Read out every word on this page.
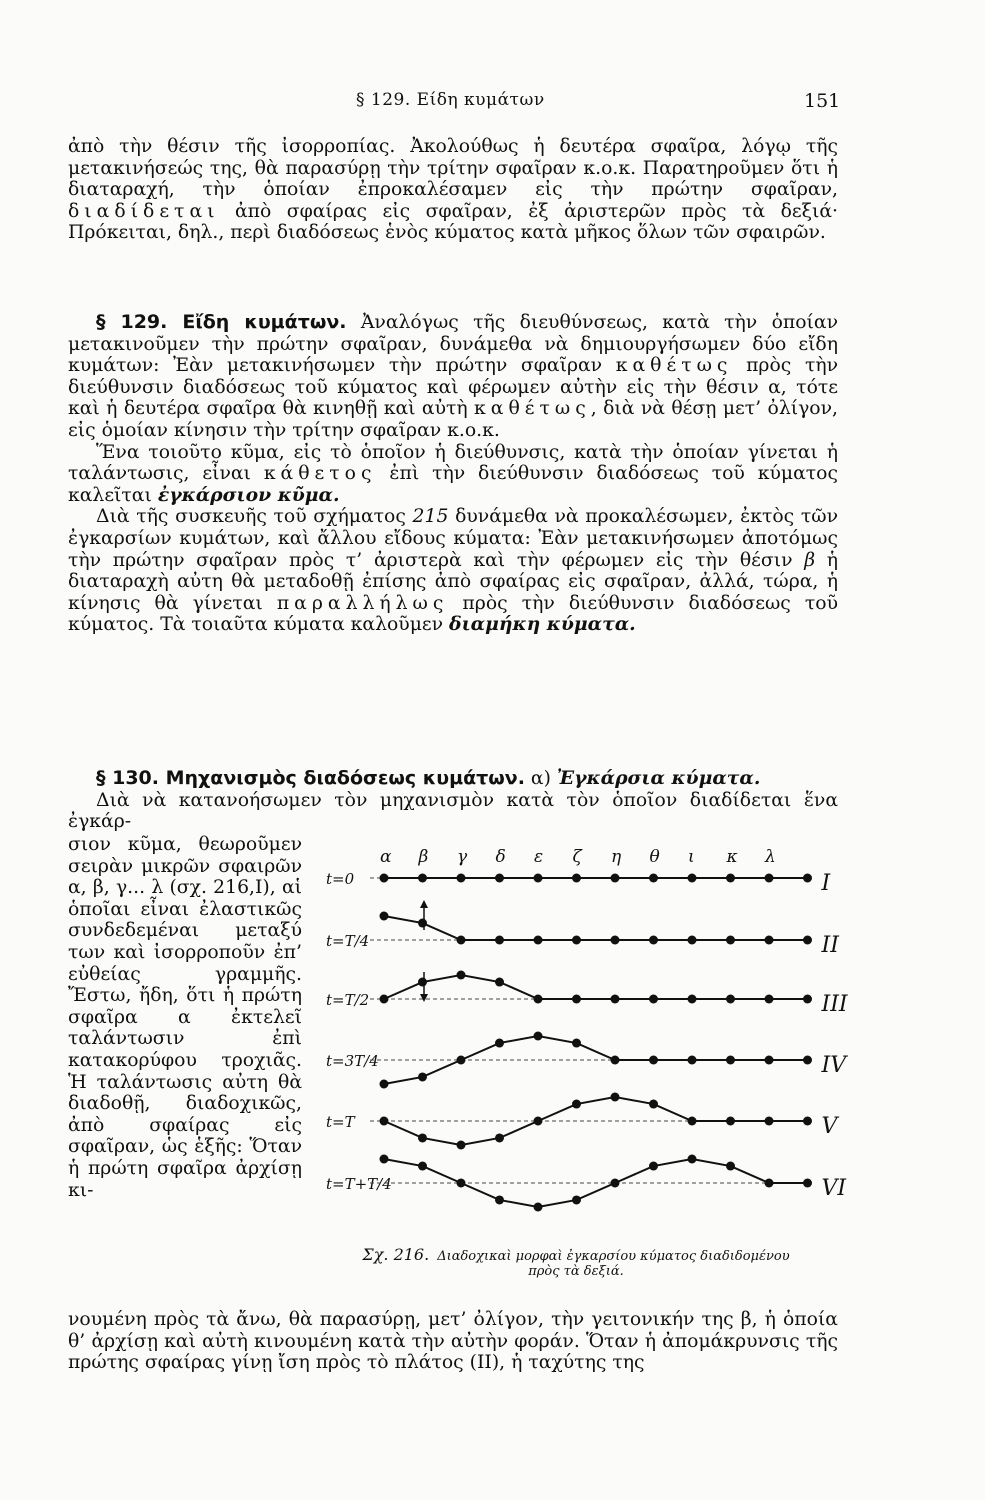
§ 129. Είδη κυμάτων	151

ἀπὸ τὴν θέσιν τῆς ἰσορροπίας. Ἀκολούθως ἡ δευτέρα σφαῖρα, λόγῳ τῆς μετακινήσεώς της, θὰ παρασύρῃ τὴν τρίτην σφαῖραν κ.ο.κ. Παρατηροῦμεν ὅτι ἡ διαταραχή, τὴν ὁποίαν ἐπροκαλέσαμεν εἰς τὴν πρώτην σφαῖραν, διαδίδεται ἀπὸ σφαίρας εἰς σφαῖραν, ἐξ ἀριστερῶν πρὸς τὰ δεξιά· Πρόκειται, δηλ., περὶ διαδόσεως ἑνὸς κύματος κατὰ μῆκος ὅλων τῶν σφαιρῶν.

§ 129. Εἴδη κυμάτων. Ἀναλόγως τῆς διευθύνσεως, κατὰ τὴν ὁποίαν μετακινοῦμεν τὴν πρώτην σφαῖραν, δυνάμεθα νὰ δημιουργήσωμεν δύο εἴδη κυμάτων: Ἐὰν μετακινήσωμεν τὴν πρώτην σφαῖραν καθέτως πρὸς τὴν διεύθυνσιν διαδόσεως τοῦ κύματος καὶ φέρωμεν αὐτὴν εἰς τὴν θέσιν α, τότε καὶ ἡ δευτέρα σφαῖρα θὰ κινηθῇ καὶ αὐτὴ καθέτως, διὰ νὰ θέσῃ μετ’ ὀλίγον, εἰς ὁμοίαν κίνησιν τὴν τρίτην σφαῖραν κ.ο.κ.

Ἕνα τοιοῦτο κῦμα, εἰς τὸ ὁποῖον ἡ διεύθυνσις, κατὰ τὴν ὁποίαν γίνεται ἡ ταλάντωσις, εἶναι κάθετος ἐπὶ τὴν διεύθυνσιν διαδόσεως τοῦ κύματος καλεῖται ἐγκάρσιον κῦμα.

Διὰ τῆς συσκευῆς τοῦ σχήματος 215 δυνάμεθα νὰ προκαλέσωμεν, ἐκτὸς τῶν ἐγκαρσίων κυμάτων, καὶ ἄλλου εἴδους κύματα: Ἐὰν μετακινήσωμεν ἀποτόμως τὴν πρώτην σφαῖραν πρὸς τ’ ἀριστερὰ καὶ τὴν φέρωμεν εἰς τὴν θέσιν β ἡ διαταραχὴ αὐτη θὰ μεταδοθῇ ἐπίσης ἀπὸ σφαίρας εἰς σφαῖραν, ἀλλά, τώρα, ἡ κίνησις θὰ γίνεται παραλλήλως πρὸς τὴν διεύθυνσιν διαδόσεως τοῦ κύματος. Τὰ τοιαῦτα κύματα καλοῦμεν διαμήκη κύματα.

§ 130. Μηχανισμὸς διαδόσεως κυμάτων. α) Ἐγκάρσια κύματα.

Διὰ νὰ κατανοήσωμεν τὸν μηχανισμὸν κατὰ τὸν ὁποῖον διαδίδεται ἕνα ἐγκάρ-

σιον κῦμα, θεωροῦμεν σειρὰν μικρῶν σφαιρῶν α, β, γ... λ (σχ. 216,I), αἱ ὁποῖαι εἶναι ἐλαστικῶς συνδεδεμέναι μεταξύ των καὶ ἰσορροποῦν ἐπ’ εὐθείας γραμμῆς. Ἔστω, ἤδη, ὅτι ἡ πρώτη σφαῖρα α ἐκτελεῖ ταλάντωσιν ἐπὶ κατακορύφου τροχιᾶς. Ἡ ταλάντωσις αὐτη θὰ διαδοθῇ, διαδοχικῶς, ἀπὸ σφαίρας εἰς σφαῖραν, ὡς ἑξῆς: Ὅταν ἡ πρώτη σφαῖρα ἀρχίσῃ κι-

α β γ δ ε ζ η θ ι κ λ
t=0	I
t=T/4	II
t=T/2	III
t=3T/4	IV
t=T	V
t=T+T/4	VI
Σχ. 216. Διαδοχικαὶ μορφαὶ ἐγκαρσίου κύματος διαδιδομένου πρὸς τὰ δεξιά.

νουμένη πρὸς τὰ ἄνω, θὰ παρασύρῃ, μετ’ ὀλίγον, τὴν γειτονικήν της β, ἡ ὁποία θ’ ἀρχίσῃ καὶ αὐτὴ κινουμένη κατὰ τὴν αὐτὴν φοράν. Ὅταν ἡ ἀπομάκρυνσις τῆς πρώτης σφαίρας γίνῃ ἴση πρὸς τὸ πλάτος (II), ἡ ταχύτης της
